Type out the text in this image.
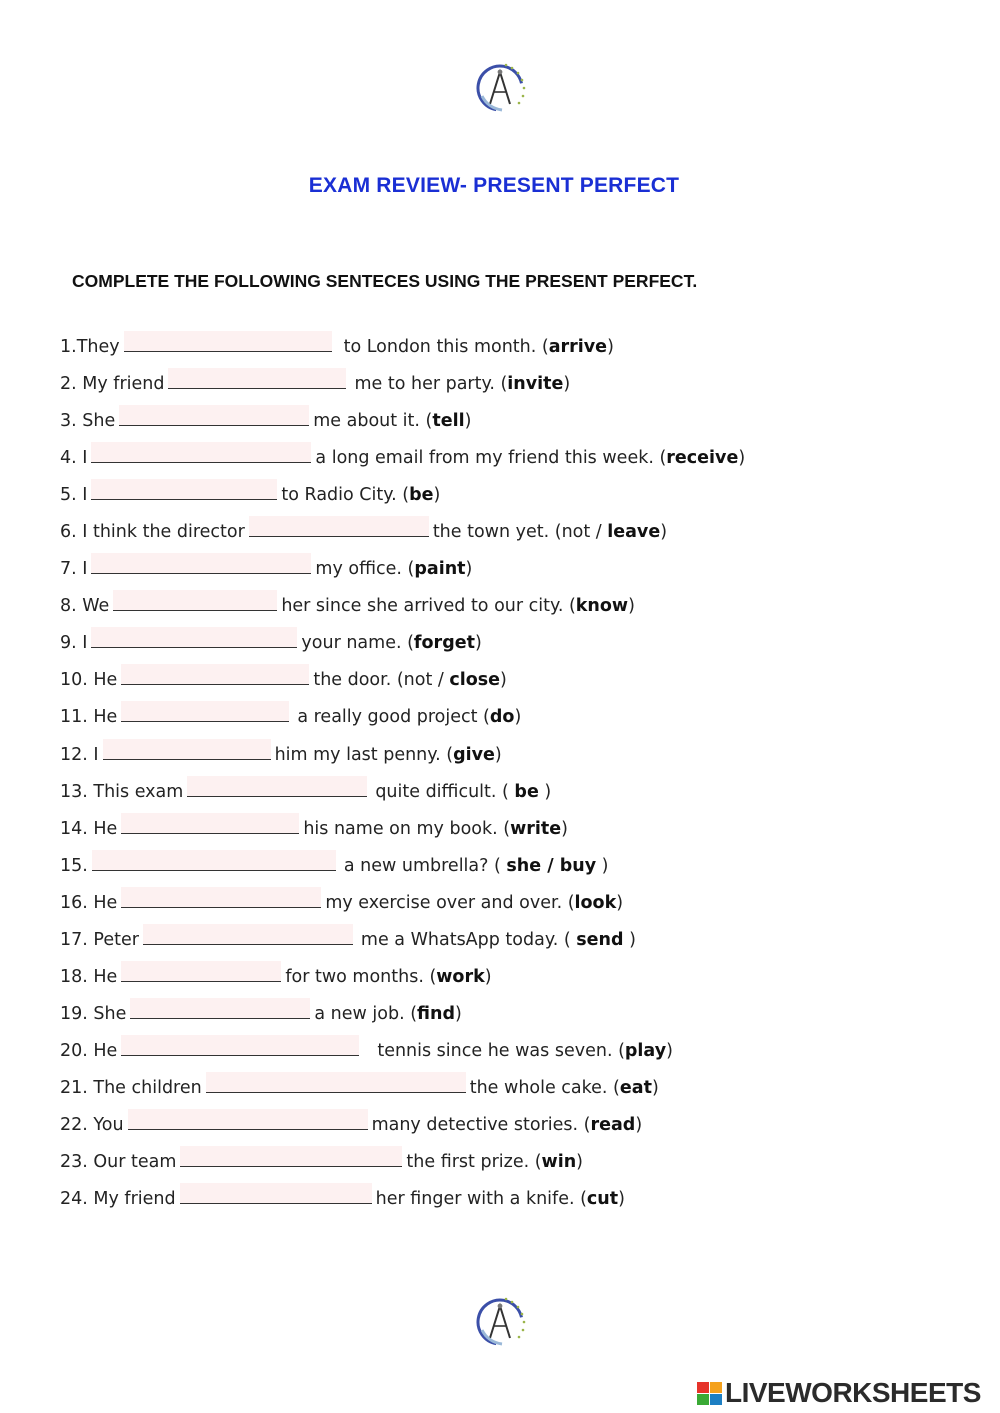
EXAM REVIEW- PRESENT PERFECT
COMPLETE THE FOLLOWING SENTECES USING THE PRESENT PERFECT.
1.They	to London this month. (arrive)
2. My friend	me to her party. (invite)
3. She	me about it. (tell)
4. I	a long email from my friend this week. (receive)
5. I	to Radio City. (be)
6. I think the director	the town yet. (not / leave)
7. I	my office. (paint)
8. We	her since she arrived to our city. (know)
9. I	your name. (forget)
10. He	the door. (not / close)
11. He	a really good project (do)
12. I	him my last penny. (give)
13. This exam	quite difficult. ( be )
14. He	his name on my book. (write)
15.	a new umbrella? ( she / buy )
16. He	my exercise over and over. (look)
17. Peter	me a WhatsApp today. ( send )
18. He	for two months. (work)
19. She	a new job. (find)
20. He	tennis since he was seven. (play)
21. The children	the whole cake. (eat)
22. You	many detective stories. (read)
23. Our team	the first prize. (win)
24. My friend	her finger with a knife. (cut)
LIVEWORKSHEETS
